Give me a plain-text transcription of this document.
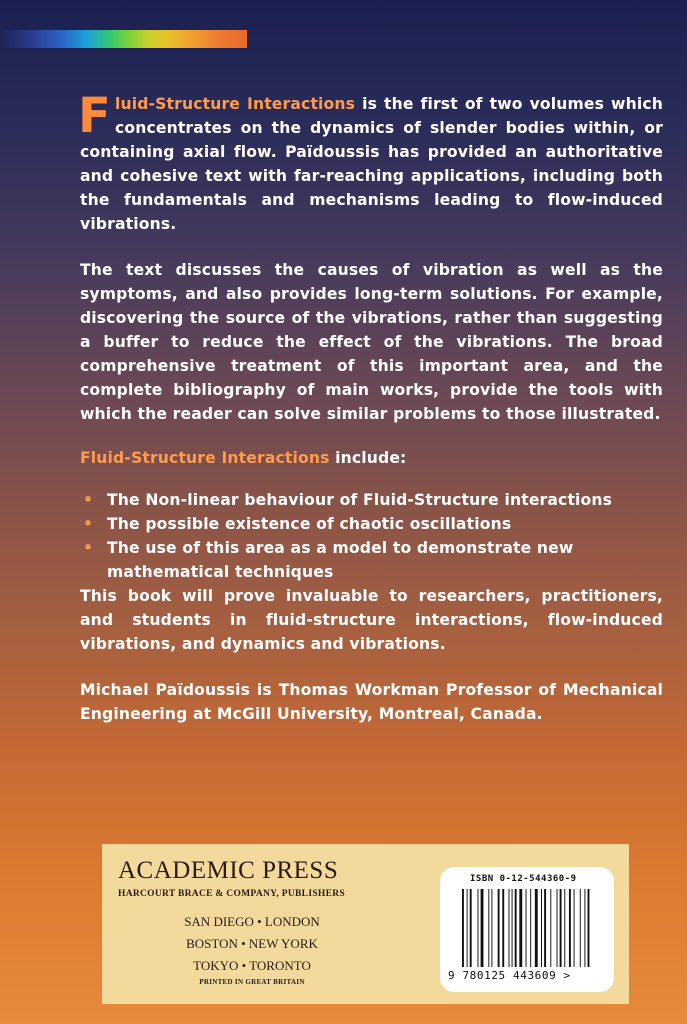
Fluid-Structure Interactions is the first of two volumes which concentrates on the dynamics of slender bodies within, or containing axial flow. Païdoussis has provided an authoritative and cohesive text with far-reaching applications, including both the fundamentals and mechanisms leading to flow-induced vibrations.

The text discusses the causes of vibration as well as the symptoms, and also provides long-term solutions. For example, discovering the source of the vibrations, rather than suggesting a buffer to reduce the effect of the vibrations. The broad comprehensive treatment of this important area, and the complete bibliography of main works, provide the tools with which the reader can solve similar problems to those illustrated.

Fluid-Structure Interactions include:

• The Non-linear behaviour of Fluid-Structure interactions
• The possible existence of chaotic oscillations
• The use of this area as a model to demonstrate new mathematical techniques

This book will prove invaluable to researchers, practitioners, and students in fluid-structure interactions, flow-induced vibrations, and dynamics and vibrations.

Michael Païdoussis is Thomas Workman Professor of Mechanical Engineering at McGill University, Montreal, Canada.

ACADEMIC PRESS
HARCOURT BRACE & COMPANY, PUBLISHERS
SAN DIEGO • LONDON
BOSTON • NEW YORK
TOKYO • TORONTO
PRINTED IN GREAT BRITAIN
ISBN 0-12-544360-9
9 780125 443609 >
